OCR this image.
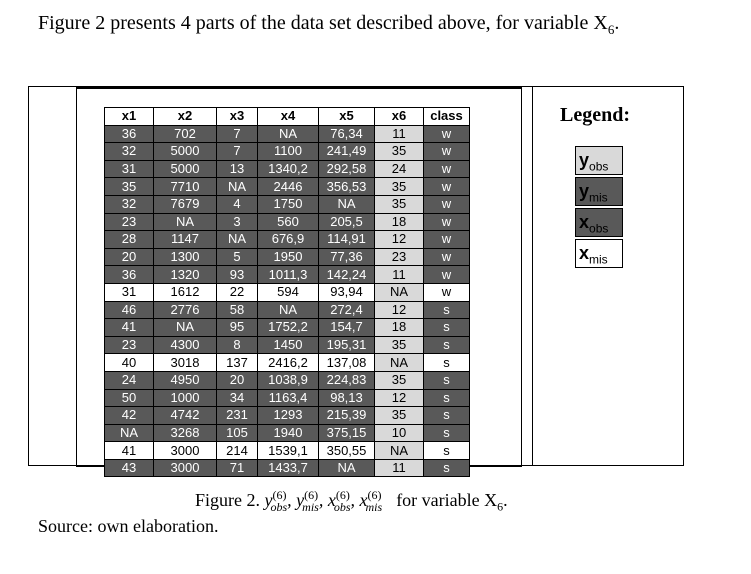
Figure 2 presents 4 parts of the data set described above, for variable $X_6$.
x1	x2	x3	x4	x5	x6	class
36	702	7	NA	76,34	11	w
32	5000	7	1100	241,49	35	w
31	5000	13	1340,2	292,58	24	w
35	7710	NA	2446	356,53	35	w
32	7679	4	1750	NA	35	w
23	NA	3	560	205,5	18	w
28	1147	NA	676,9	114,91	12	w
20	1300	5	1950	77,36	23	w
36	1320	93	1011,3	142,24	11	w
31	1612	22	594	93,94	NA	w
46	2776	58	NA	272,4	12	s
41	NA	95	1752,2	154,7	18	s
23	4300	8	1450	195,31	35	s
40	3018	137	2416,2	137,08	NA	s
24	4950	20	1038,9	224,83	35	s
50	1000	34	1163,4	98,13	12	s
42	4742	231	1293	215,39	35	s
NA	3268	105	1940	375,15	10	s
41	3000	214	1539,1	350,55	NA	s
43	3000	71	1433,7	NA	11	s
Legend:
$y_{obs}$
$y_{mis}$
$x_{obs}$
$x_{mis}$
Figure 2. $y^{(6)}_{obs}$, $y^{(6)}_{mis}$, $x^{(6)}_{obs}$, $x^{(6)}_{mis}$ for variable $X_6$.
Source: own elaboration.
